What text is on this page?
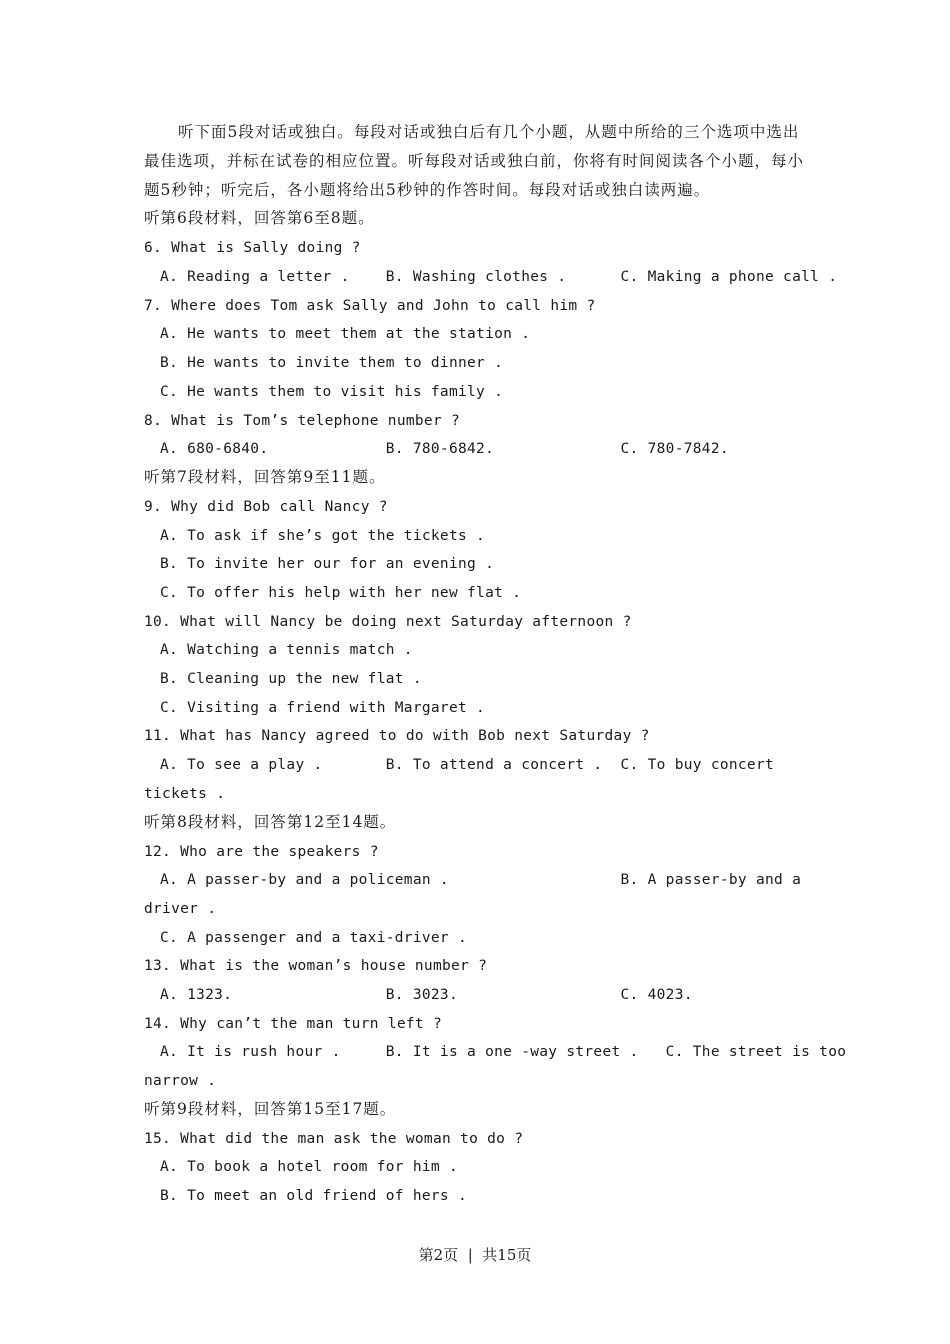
听下面5段对话或独白。每段对话或独白后有几个小题，从题中所给的三个选项中选出
最佳选项，并标在试卷的相应位置。听每段对话或独白前，你将有时间阅读各个小题，每小
题5秒钟；听完后，各小题将给出5秒钟的作答时间。每段对话或独白读两遍。
听第6段材料，回答第6至8题。
6. What is Sally doing ?
A. Reading a letter .    B. Washing clothes .      C. Making a phone call .
7. Where does Tom ask Sally and John to call him ?
A. He wants to meet them at the station .
B. He wants to invite them to dinner .
C. He wants them to visit his family .
8. What is Tom’s telephone number ?
A. 680-6840.             B. 780-6842.              C. 780-7842.
听第7段材料，回答第9至11题。
9. Why did Bob call Nancy ?
A. To ask if she’s got the tickets .
B. To invite her our for an evening .
C. To offer his help with her new flat .
10. What will Nancy be doing next Saturday afternoon ?
A. Watching a tennis match .
B. Cleaning up the new flat .
C. Visiting a friend with Margaret .
11. What has Nancy agreed to do with Bob next Saturday ?
A. To see a play .       B. To attend a concert .  C. To buy concert
tickets .
听第8段材料，回答第12至14题。
12. Who are the speakers ?
A. A passer-by and a policeman .                   B. A passer-by and a
driver .
C. A passenger and a taxi-driver .
13. What is the woman’s house number ?
A. 1323.                 B. 3023.                  C. 4023.
14. Why can’t the man turn left ?
A. It is rush hour .     B. It is a one -way street .   C. The street is too
narrow .
听第9段材料，回答第15至17题。
15. What did the man ask the woman to do ?
A. To book a hotel room for him .
B. To meet an old friend of hers .
第2页  |  共15页
